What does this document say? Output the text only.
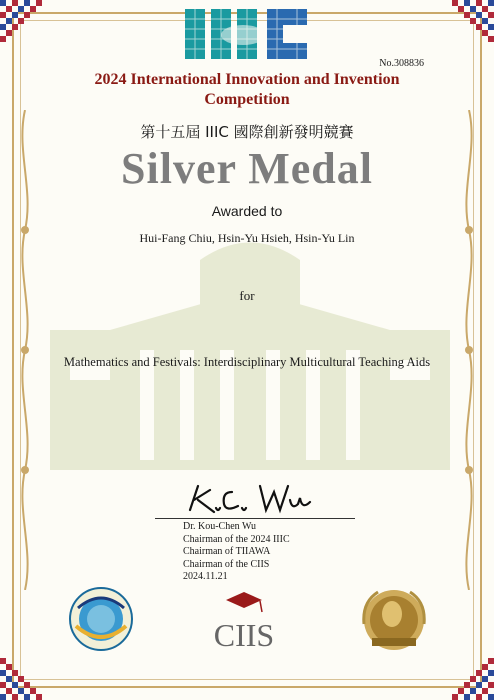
No.308836
2024 International Innovation and Invention
Competition
第十五屆 IIIC 國際創新發明競賽
Silver Medal
Awarded to
Hui-Fang Chiu, Hsin-Yu Hsieh, Hsin-Yu Lin
for
Mathematics and Festivals: Interdisciplinary Multicultural Teaching Aids
Dr. Kou-Chen Wu
Chairman of the 2024 IIIC
Chairman of TIIAWA
Chairman of the CIIS
2024.11.21
CIIS
